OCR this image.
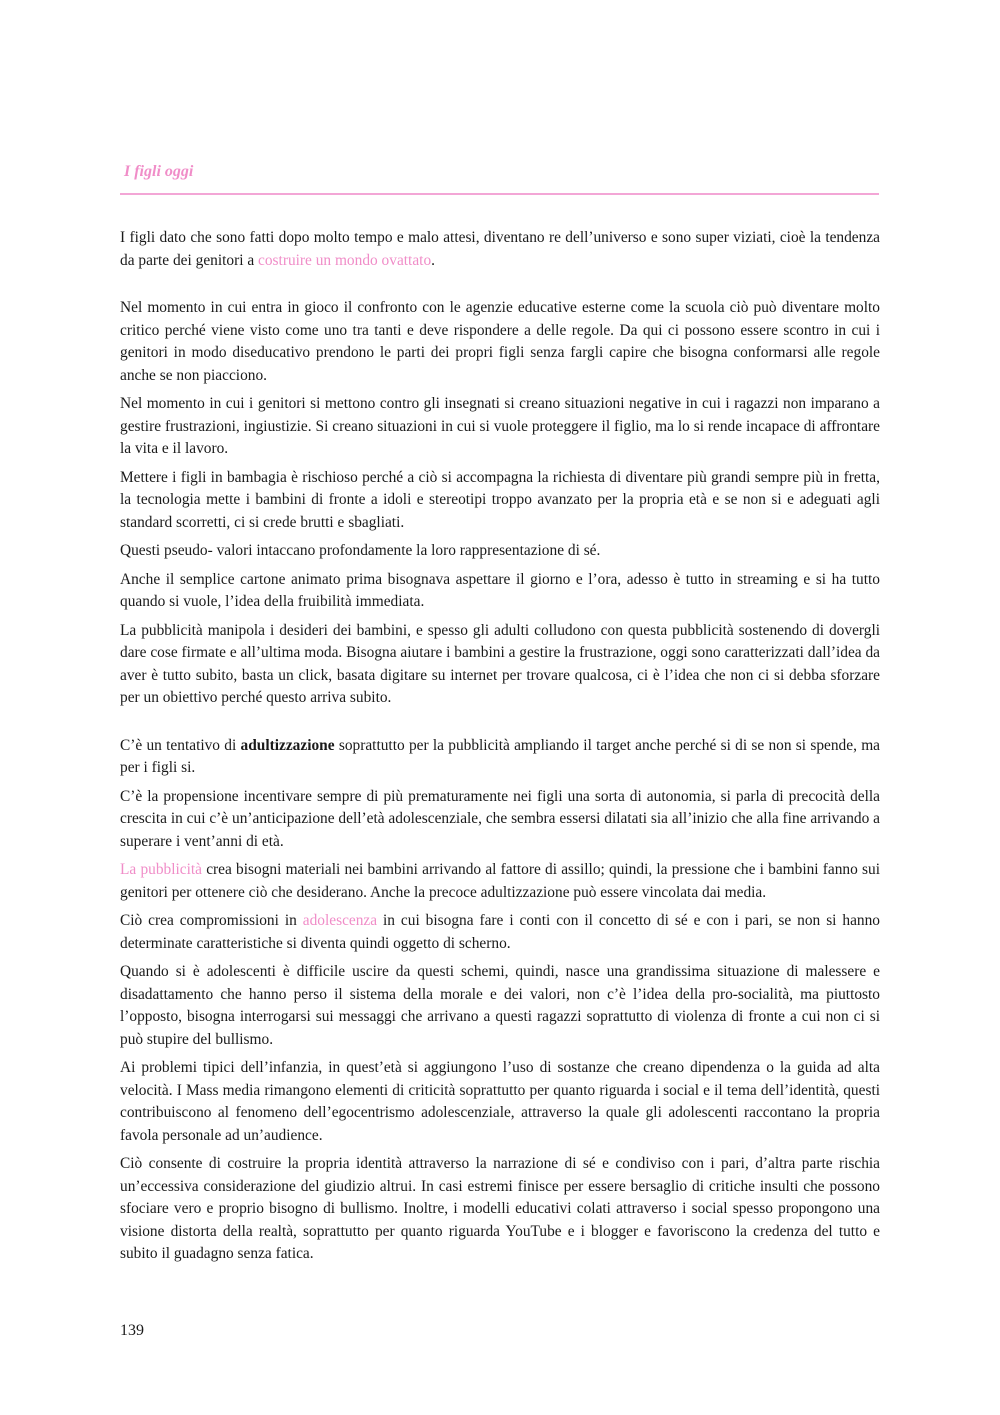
I figli oggi

I figli dato che sono fatti dopo molto tempo e malo attesi, diventano re dell’universo e sono super viziati, cioè la tendenza da parte dei genitori a costruire un mondo ovattato.

Nel momento in cui entra in gioco il confronto con le agenzie educative esterne come la scuola ciò può diventare molto critico perché viene visto come uno tra tanti e deve rispondere a delle regole. Da qui ci possono essere scontro in cui i genitori in modo diseducativo prendono le parti dei propri figli senza fargli capire che bisogna conformarsi alle regole anche se non piacciono.

Nel momento in cui i genitori si mettono contro gli insegnati si creano situazioni negative in cui i ragazzi non imparano a gestire frustrazioni, ingiustizie. Si creano situazioni in cui si vuole proteggere il figlio, ma lo si rende incapace di affrontare la vita e il lavoro.

Mettere i figli in bambagia è rischioso perché a ciò si accompagna la richiesta di diventare più grandi sempre più in fretta, la tecnologia mette i bambini di fronte a idoli e stereotipi troppo avanzato per la propria età e se non si e adeguati agli standard scorretti, ci si crede brutti e sbagliati.

Questi pseudo- valori intaccano profondamente la loro rappresentazione di sé.

Anche il semplice cartone animato prima bisognava aspettare il giorno e l’ora, adesso è tutto in streaming e si ha tutto quando si vuole, l’idea della fruibilità immediata.

La pubblicità manipola i desideri dei bambini, e spesso gli adulti colludono con questa pubblicità sostenendo di dovergli dare cose firmate e all’ultima moda. Bisogna aiutare i bambini a gestire la frustrazione, oggi sono caratterizzati dall’idea da aver è tutto subito, basta un click, basata digitare su internet per trovare qualcosa, ci è l’idea che non ci si debba sforzare per un obiettivo perché questo arriva subito.

C’è un tentativo di adultizzazione soprattutto per la pubblicità ampliando il target anche perché si di se non si spende, ma per i figli si.

C’è la propensione incentivare sempre di più prematuramente nei figli una sorta di autonomia, si parla di precocità della crescita in cui c’è un’anticipazione dell’età adolescenziale, che sembra essersi dilatati sia all’inizio che alla fine arrivando a superare i vent’anni di età.

La pubblicità crea bisogni materiali nei bambini arrivando al fattore di assillo; quindi, la pressione che i bambini fanno sui genitori per ottenere ciò che desiderano. Anche la precoce adultizzazione può essere vincolata dai media.

Ciò crea compromissioni in adolescenza in cui bisogna fare i conti con il concetto di sé e con i pari, se non si hanno determinate caratteristiche si diventa quindi oggetto di scherno.

Quando si è adolescenti è difficile uscire da questi schemi, quindi, nasce una grandissima situazione di malessere e disadattamento che hanno perso il sistema della morale e dei valori, non c’è l’idea della pro-socialità, ma piuttosto l’opposto, bisogna interrogarsi sui messaggi che arrivano a questi ragazzi soprattutto di violenza di fronte a cui non ci si può stupire del bullismo.

Ai problemi tipici dell’infanzia, in quest’età si aggiungono l’uso di sostanze che creano dipendenza o la guida ad alta velocità. I Mass media rimangono elementi di criticità soprattutto per quanto riguarda i social e il tema dell’identità, questi contribuiscono al fenomeno dell’egocentrismo adolescenziale, attraverso la quale gli adolescenti raccontano la propria favola personale ad un’audience.

Ciò consente di costruire la propria identità attraverso la narrazione di sé e condiviso con i pari, d’altra parte rischia un’eccessiva considerazione del giudizio altrui. In casi estremi finisce per essere bersaglio di critiche insulti che possono sfociare vero e proprio bisogno di bullismo. Inoltre, i modelli educativi colati attraverso i social spesso propongono una visione distorta della realtà, soprattutto per quanto riguarda YouTube e i blogger e favoriscono la credenza del tutto e subito il guadagno senza fatica.

139
